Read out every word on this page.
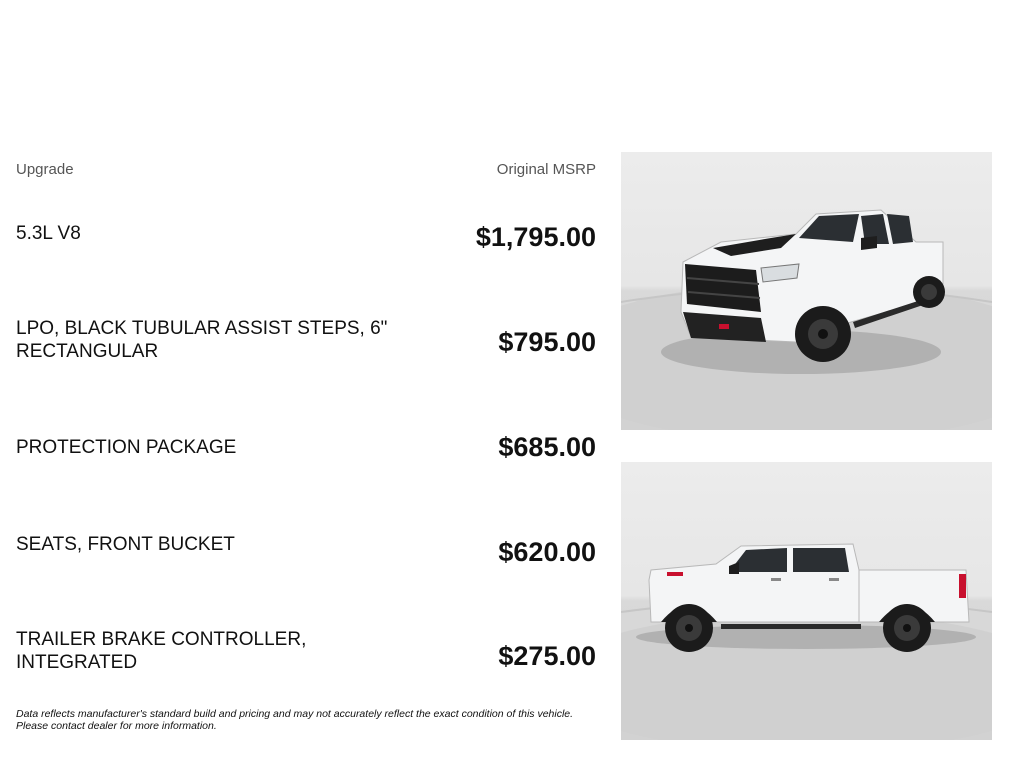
Upgrade	Original MSRP
5.3L V8	$1,795.00
LPO, BLACK TUBULAR ASSIST STEPS, 6" RECTANGULAR	$795.00
PROTECTION PACKAGE	$685.00
SEATS, FRONT BUCKET	$620.00
TRAILER BRAKE CONTROLLER, INTEGRATED	$275.00
Data reflects manufacturer's standard build and pricing and may not accurately reflect the exact condition of this vehicle. Please contact dealer for more information.
